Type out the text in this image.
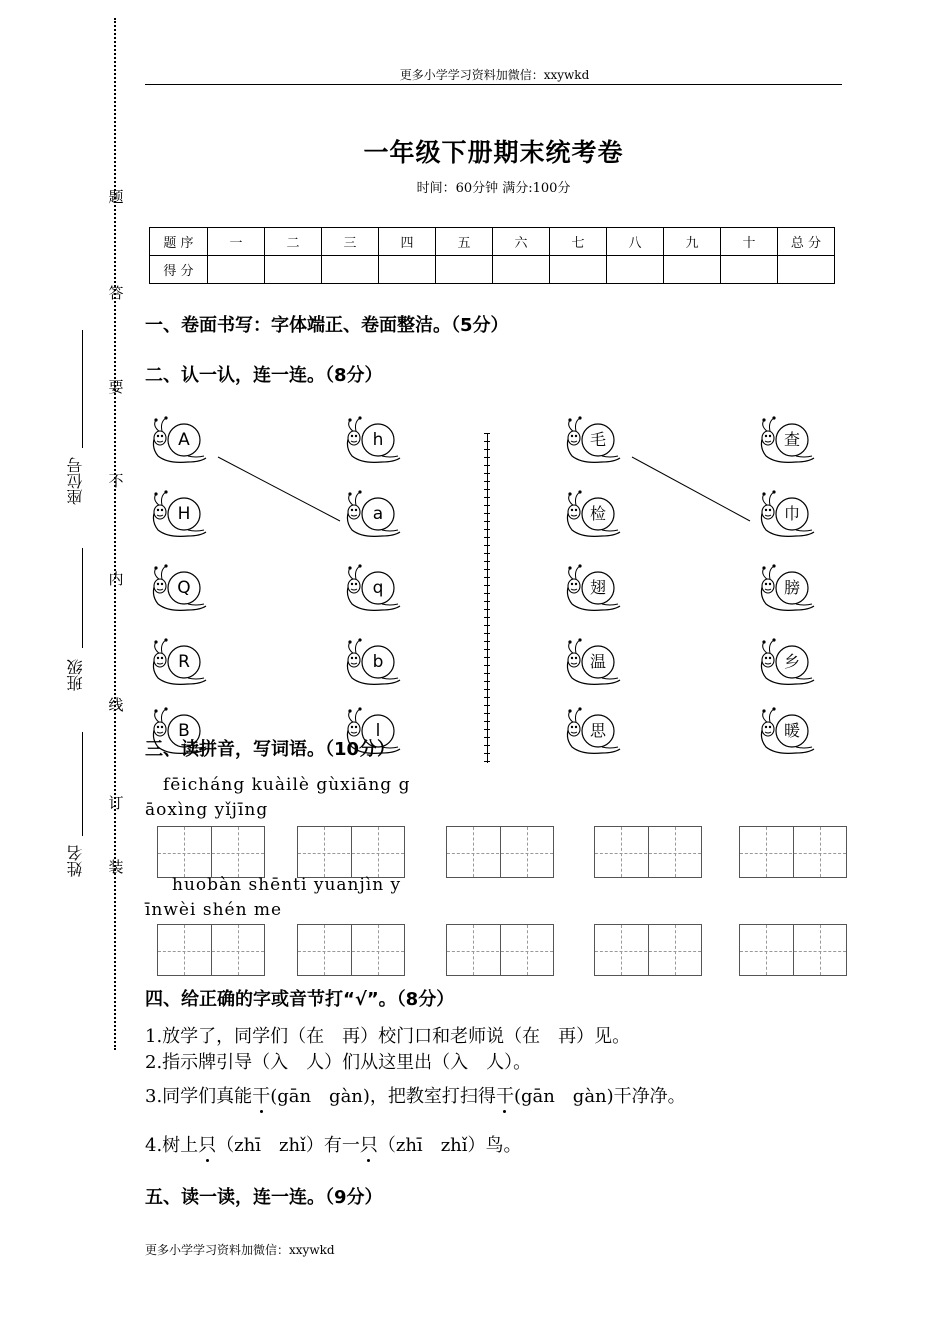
题
答
要
不
内
线
订
装
座位号
班级
姓名
更多小学学习资料加微信：xxywkd
一年级下册期末统考卷
时间：60分钟 满分:100分
题 序	一	二	三	四	五	六	七	八	九	十	总 分
得 分											
一、卷面书写：字体端正、卷面整洁。（5分）
二、认一认，连一连。（8分）
A
H
Q
R
B
h
a
q
b
l
毛
检
翅
温
思
查
巾
膀
乡
暖
三、读拼音，写词语。（10分）
fēicháng kuàilè gùxiāng g
āoxìng yǐjīng
huobàn shēnti yuanjìn y
īnwèi shén me
四、给正确的字或音节打“√”。（8分）
1.放学了，同学们（在　再）校门口和老师说（在　再）见。
2.指示牌引导（入　人）们从这里出（入　人）。
3.同学们真能干(gān　gàn)，把教室打扫得干(gān　gàn)干净净。
4.树上只（zhī　zhǐ）有一只（zhī　zhǐ）鸟。
五、读一读，连一连。（9分）
更多小学学习资料加微信：xxywkd
